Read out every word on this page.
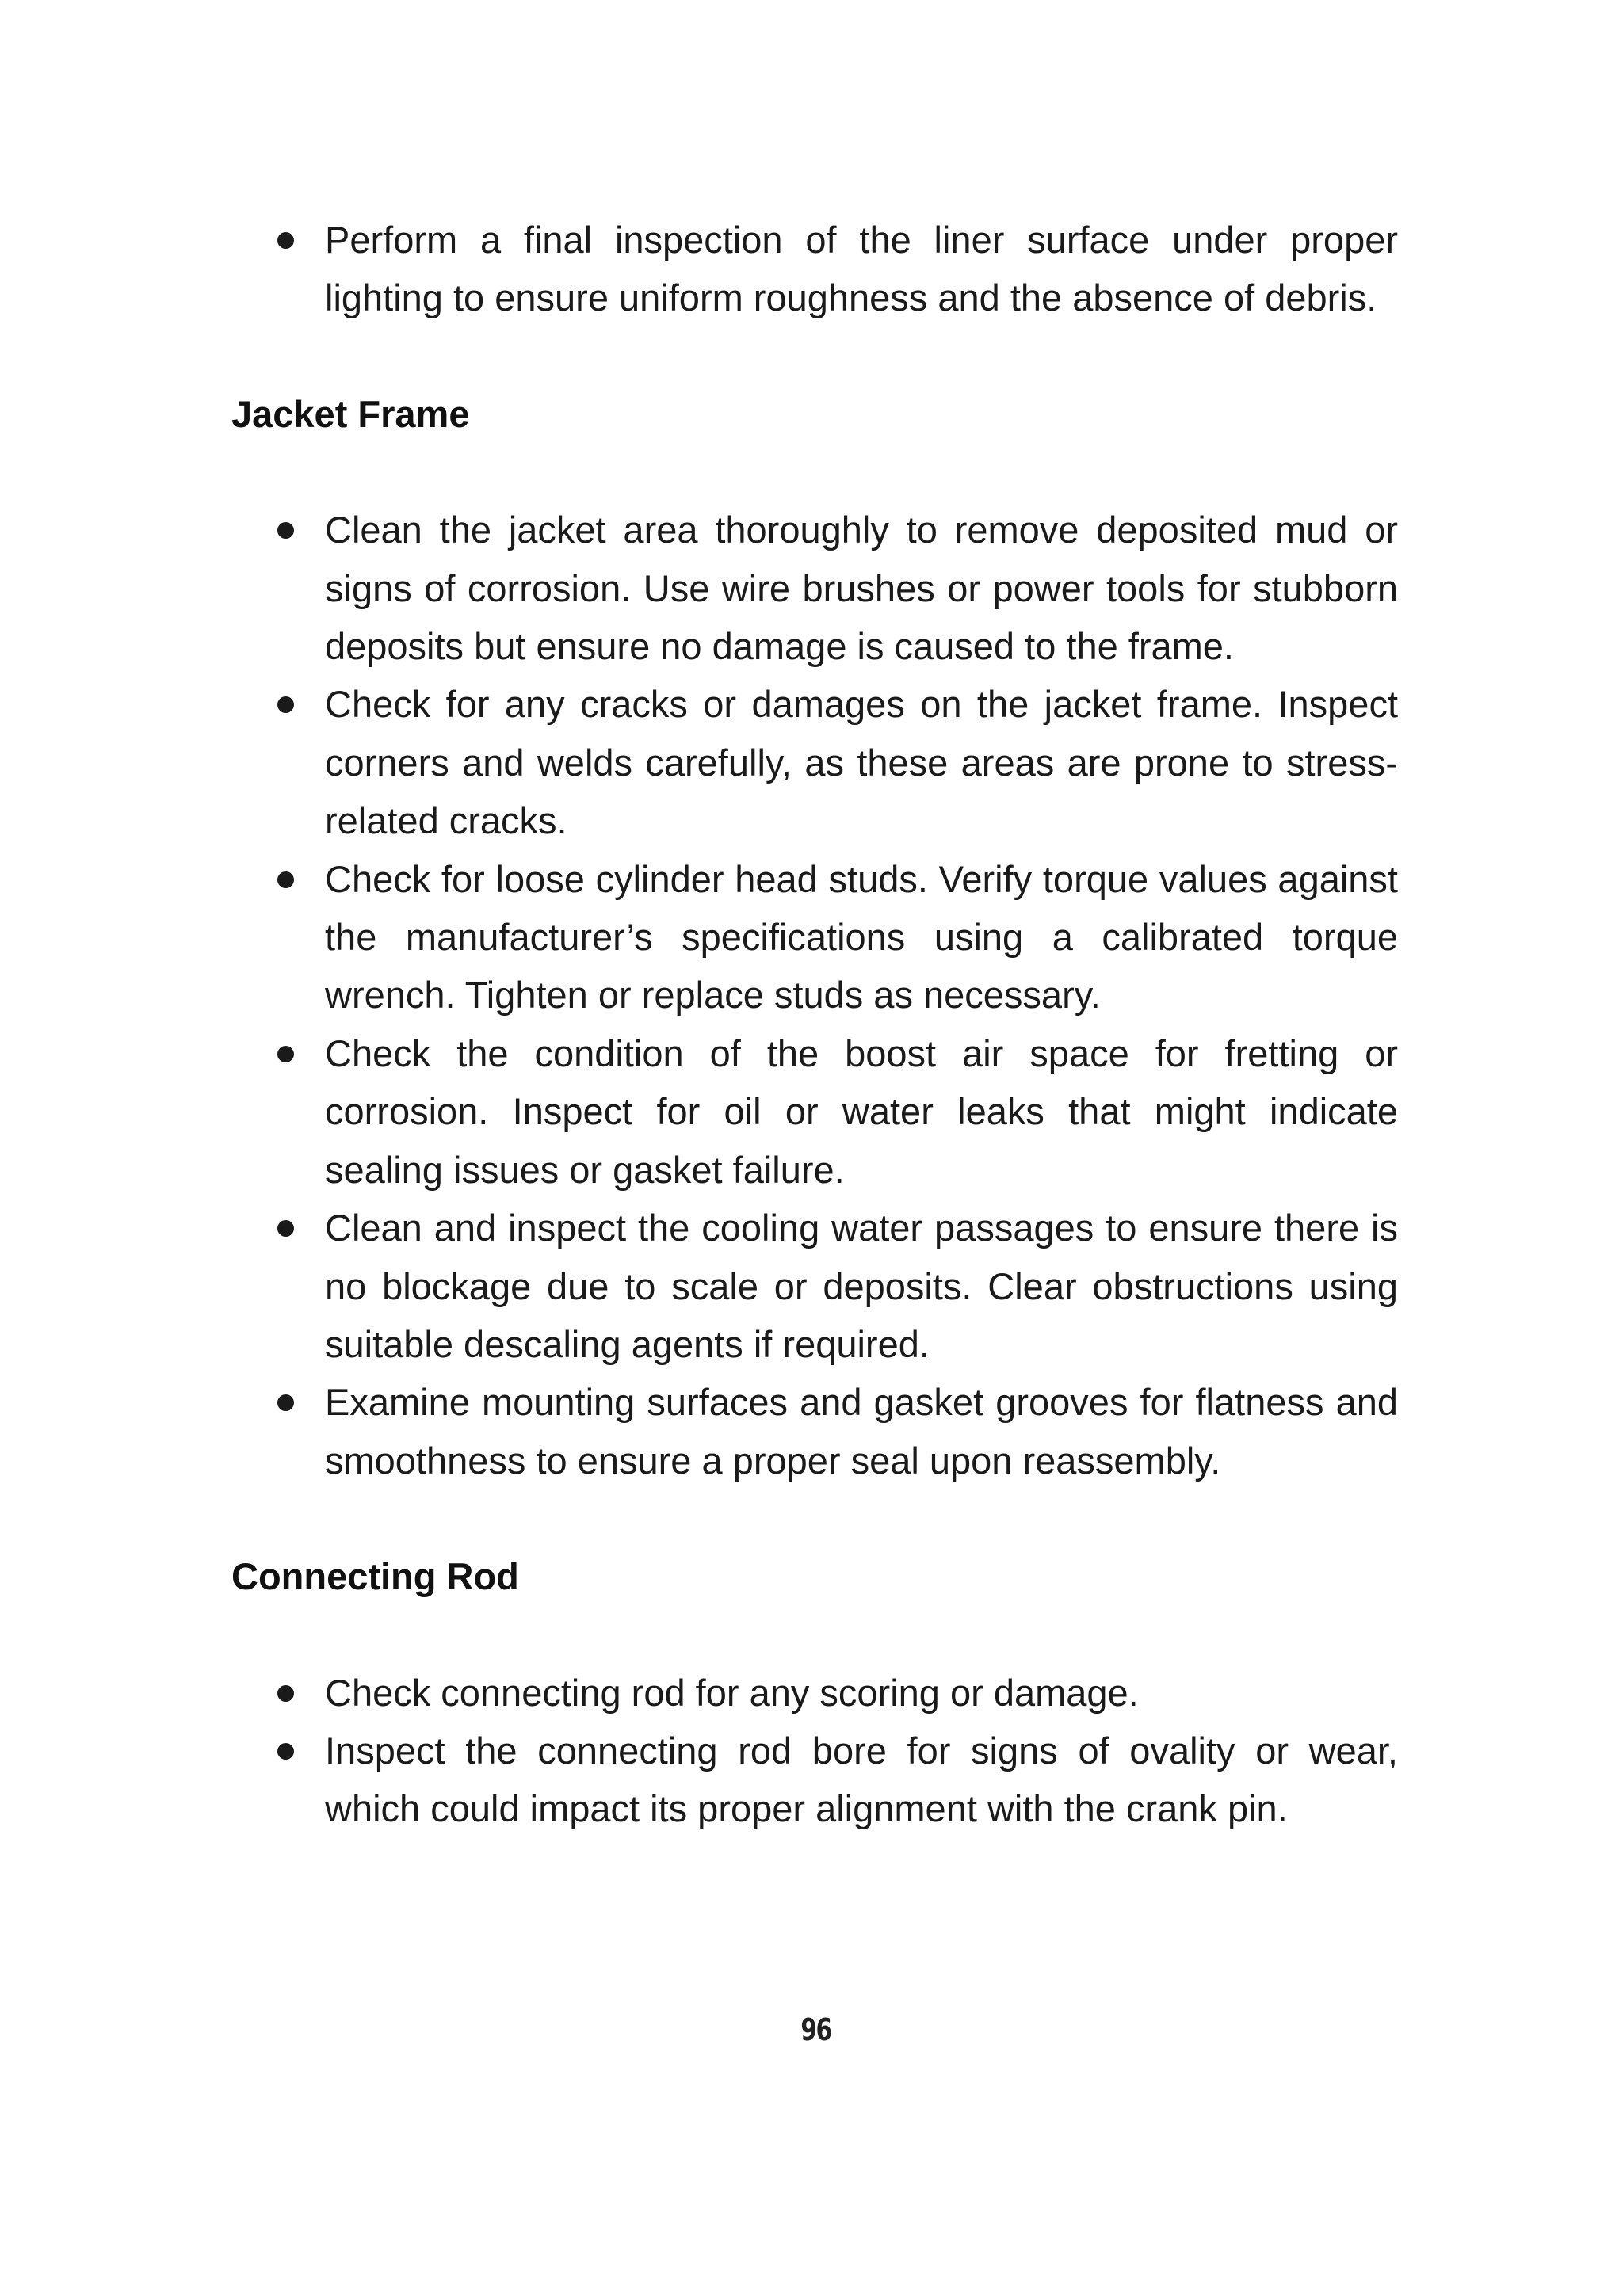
Perform a final inspection of the liner surface under proper lighting to ensure uniform roughness and the absence of debris.
Jacket Frame
Clean the jacket area thoroughly to remove deposited mud or signs of corrosion. Use wire brushes or power tools for stubborn deposits but ensure no damage is caused to the frame.
Check for any cracks or damages on the jacket frame. Inspect corners and welds carefully, as these areas are prone to stress-related cracks.
Check for loose cylinder head studs. Verify torque values against the manufacturer’s specifications using a calibrated torque wrench. Tighten or replace studs as necessary.
Check the condition of the boost air space for fretting or corrosion. Inspect for oil or water leaks that might indicate sealing issues or gasket failure.
Clean and inspect the cooling water passages to ensure there is no blockage due to scale or deposits. Clear obstructions using suitable descaling agents if required.
Examine mounting surfaces and gasket grooves for flatness and smoothness to ensure a proper seal upon reassembly.
Connecting Rod
Check connecting rod for any scoring or damage.
Inspect the connecting rod bore for signs of ovality or wear, which could impact its proper alignment with the crank pin.
96
